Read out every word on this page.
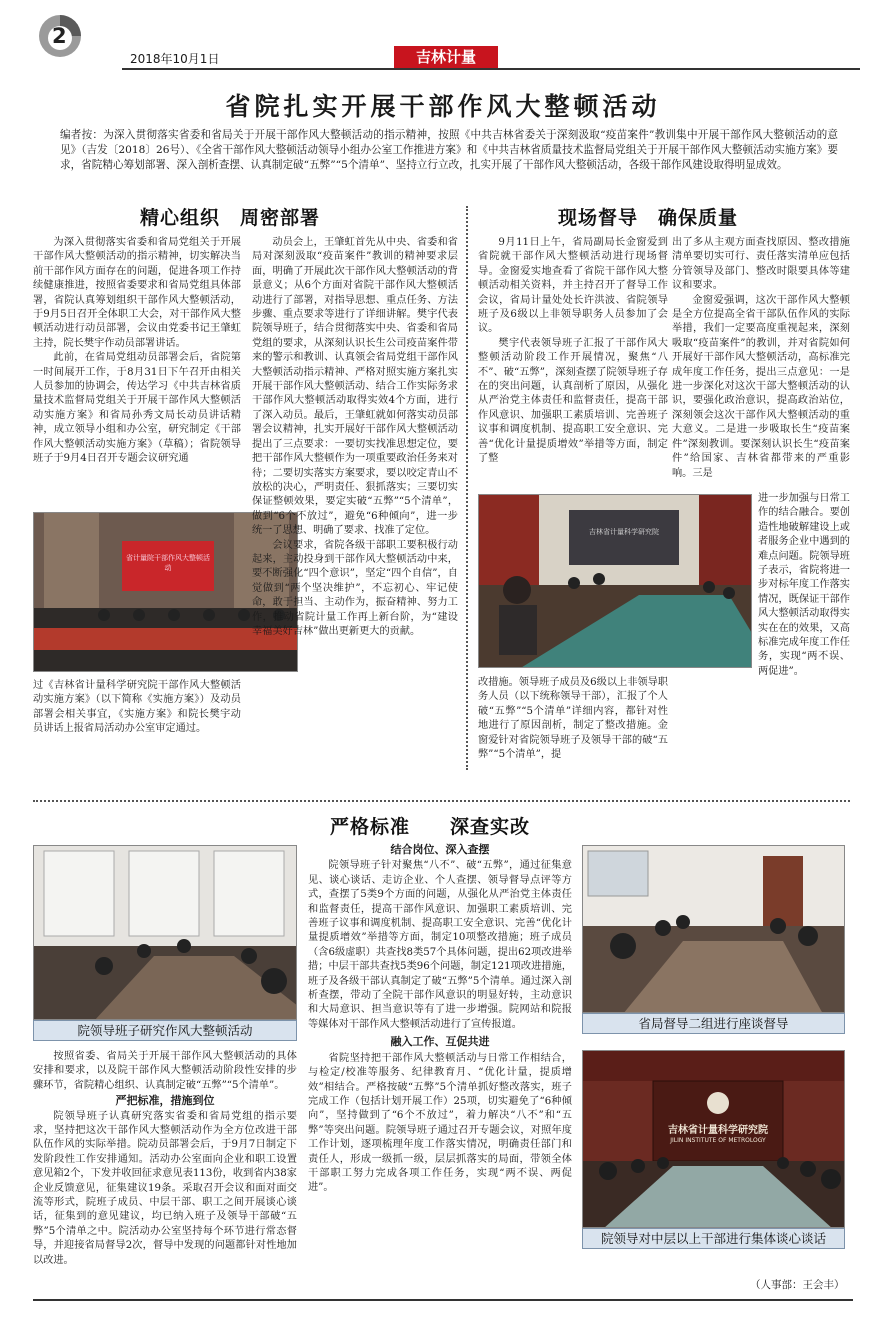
2
2018年10月1日	吉林计量
省院扎实开展干部作风大整顿活动
编者按：为深入贯彻落实省委和省局关于开展干部作风大整顿活动的指示精神，按照《中共吉林省委关于深刻汲取“疫苗案件”教训集中开展干部作风大整顿活动的意见》（吉发〔2018〕26号）、《全省干部作风大整顿活动领导小组办公室工作推进方案》和《中共吉林省质量技术监督局党组关于开展干部作风大整顿活动实施方案》要求，省院精心筹划部署、深入剖析查摆、认真制定破“五弊”“5个清单”、坚持立行立改，扎实开展了干部作风大整顿活动，各级干部作风建设取得明显成效。
精心组织　周密部署

为深入贯彻落实省委和省局党组关于开展干部作风大整顿活动的指示精神，切实解决当前干部作风方面存在的问题，促进各项工作持续健康推进，按照省委要求和省局党组具体部署，省院认真筹划组织干部作风大整顿活动，于9月5日召开全体职工大会，对干部作风大整顿活动进行动员部署，会议由党委书记王肇虹主持，院长樊宇作动员部署讲话。

此前，在省局党组动员部署会后，省院第一时间展开工作，于8月31日下午召开由相关人员参加的协调会，传达学习《中共吉林省质量技术监督局党组关于开展干部作风大整顿活动实施方案》和省局孙秀文局长动员讲话精神，成立领导小组和办公室，研究制定《干部作风大整顿活动实施方案》（草稿）；省院领导班子于9月4日召开专题会议研究通

省计量院干部作风大整顿活动

过《吉林省计量科学研究院干部作风大整顿活动实施方案》（以下简称《实施方案》）及动员部署会相关事宜，《实施方案》和院长樊宇动员讲话上报省局活动办公室审定通过。

动员会上，王肇虹首先从中央、省委和省局对深刻汲取“疫苗案件”教训的精神要求层面，明确了开展此次干部作风大整顿活动的背景意义；从6个方面对省院干部作风大整顿活动进行了部署，对指导思想、重点任务、方法步骤、重点要求等进行了详细讲解。樊宇代表院领导班子，结合贯彻落实中央、省委和省局党组的要求，从深刻认识长生公司疫苗案件带来的警示和教训、认真领会省局党组干部作风大整顿活动指示精神、严格对照实施方案扎实开展干部作风大整顿活动、结合工作实际务求干部作风大整顿活动取得实效4个方面，进行了深入动员。最后，王肇虹就如何落实动员部署会议精神，扎实开展好干部作风大整顿活动提出了三点要求：一要切实找准思想定位，要把干部作风大整顿作为一项重要政治任务来对待；二要切实落实方案要求，要以咬定青山不放松的决心，严明责任、狠抓落实；三要切实保证整顿效果，要定实破“五弊”“5个清单”，做到“6个不放过”，避免“6种倾向”，进一步统一了思想、明确了要求、找准了定位。

会议要求，省院各级干部职工要积极行动起来，主动投身到干部作风大整顿活动中来，要不断强化“四个意识”，坚定“四个自信”，自觉做到“两个坚决维护”，不忘初心、牢记使命，敢于担当、主动作为，振奋精神、努力工作，推动省院计量工作再上新台阶，为“建设幸福美好吉林”做出更新更大的贡献。

现场督导　确保质量

9月11日上午，省局副局长金窗爱到省院就干部作风大整顿活动进行现场督导。金窗爱实地查看了省院干部作风大整顿活动相关资料，并主持召开了督导工作会议，省局计量处处长许洪波、省院领导班子及6级以上非领导职务人员参加了会议。

樊宇代表领导班子汇报了干部作风大整顿活动阶段工作开展情况，聚焦“八不”、破“五弊”，深刻查摆了院领导班子存在的突出问题，认真剖析了原因，从强化从严治党主体责任和监督责任，提高干部作风意识、加强职工素质培训、完善班子议事和调度机制、提高职工安全意识、完善“优化计量提质增效”举措等方面，制定了整

出了多从主观方面查找原因、整改措施清单要切实可行、责任落实清单应包括分管领导及部门、整改时限要具体等建议和要求。

金窗爱强调，这次干部作风大整顿是全方位提高全省干部队伍作风的实际举措，我们一定要高度重视起来，深刻吸取“疫苗案件”的教训，并对省院如何开展好干部作风大整顿活动，高标准完成年度工作任务，提出三点意见：一是进一步深化对这次干部大整顿活动的认识，要强化政治意识，提高政治站位，深刻领会这次干部作风大整顿活动的重大意义。二是进一步吸取长生“疫苗案件”深刻教训。要深刻认识长生“疫苗案件”给国家、吉林省都带来的严重影响。三是

吉林省计量科学研究院

进一步加强与日常工作的结合融合。要创造性地破解建设上或者服务企业中遇到的难点问题。院领导班子表示，省院将进一步对标年度工作落实情况，既保证干部作风大整顿活动取得实实在在的效果，又高标准完成年度工作任务，实现“两不误、两促进”。

改措施。领导班子成员及6级以上非领导职务人员（以下统称领导干部），汇报了个人破“五弊”“5个清单”详细内容，都针对性地进行了原因剖析，制定了整改措施。金窗爱针对省院领导班子及领导干部的破“五弊”“5个清单”，提

严格标准　　深查实改
院领导班子研究作风大整顿活动

按照省委、省局关于开展干部作风大整顿活动的具体安排和要求，以及院干部作风大整顿活动阶段性安排的步骤环节，省院精心组织、认真制定破“五弊”“5个清单”。

严把标准，措施到位

院领导班子认真研究落实省委和省局党组的指示要求，坚持把这次干部作风大整顿活动作为全方位改进干部队伍作风的实际举措。院动员部署会后，于9月7日制定下发阶段性工作安排通知。活动办公室面向企业和职工设置意见箱2个，下发并收回征求意见表113份，收到省内38家企业反馈意见，征集建议19条。采取召开会议和面对面交流等形式，院班子成员、中层干部、职工之间开展谈心谈话，征集到的意见建议，均已纳入班子及领导干部破“五弊”5个清单之中。院活动办公室坚持每个环节进行常态督导，并迎接省局督导2次，督导中发现的问题都针对性地加以改进。

结合岗位、深入查摆

院领导班子针对聚焦“八不”、破“五弊”，通过征集意见、谈心谈话、走访企业、个人查摆、领导督导点评等方式，查摆了5类9个方面的问题，从强化从严治党主体责任和监督责任，提高干部作风意识、加强职工素质培训、完善班子议事和调度机制、提高职工安全意识、完善“优化计量提质增效”举措等方面，制定10项整改措施；班子成员（含6级虚职）共查找8类57个具体问题，提出62项改进举措；中层干部共查找5类96个问题，制定121项改进措施，班子及各级干部认真制定了破“五弊”5个清单。通过深入剖析查摆，带动了全院干部作风意识的明显好转，主动意识和大局意识、担当意识等有了进一步增强。院网站和院报等媒体对干部作风大整顿活动进行了宣传报道。

融入工作、互促共进

省院坚持把干部作风大整顿活动与日常工作相结合，与检定/校准等服务、纪律教育月、“优化计量，提质增效”相结合。严格按破“五弊”5个清单抓好整改落实，班子完成工作（包括计划开展工作）25项，切实避免了“6种倾向”，坚持做到了“6个不放过”，着力解决“八不”和“五弊”等突出问题。院领导班子通过召开专题会议，对照年度工作计划，逐项梳理年度工作落实情况，明确责任部门和责任人，形成一级抓一级，层层抓落实的局面，带领全体干部职工努力完成各项工作任务，实现“两不误、两促进”。

省局督导二组进行座谈督导
吉林省计量科学研究院
JILIN INSTITUTE OF METROLOGY
院领导对中层以上干部进行集体谈心谈话
（人事部：王会丰）
